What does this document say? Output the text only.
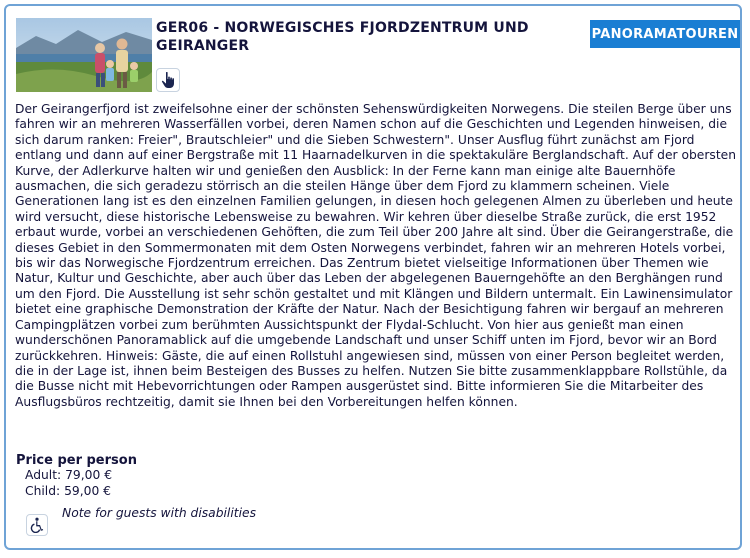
GER06 - NORWEGISCHES FJORDZENTRUM UND GEIRANGER
PANORAMATOUREN

Der Geirangerfjord ist zweifelsohne einer der schönsten Sehenswürdigkeiten Norwegens. Die steilen Berge über uns fahren wir an mehreren Wasserfällen vorbei, deren Namen schon auf die Geschichten und Legenden hinweisen, die sich darum ranken: Freier", Brautschleier" und die Sieben Schwestern". Unser Ausflug führt zunächst am Fjord entlang und dann auf einer Bergstraße mit 11 Haarnadelkurven in die spektakuläre Berglandschaft. Auf der obersten Kurve, der Adlerkurve halten wir und genießen den Ausblick: In der Ferne kann man einige alte Bauernhöfe ausmachen, die sich geradezu störrisch an die steilen Hänge über dem Fjord zu klammern scheinen. Viele Generationen lang ist es den einzelnen Familien gelungen, in diesen hoch gelegenen Almen zu überleben und heute wird versucht, diese historische Lebensweise zu bewahren. Wir kehren über dieselbe Straße zurück, die erst 1952 erbaut wurde, vorbei an verschiedenen Gehöften, die zum Teil über 200 Jahre alt sind. Über die Geirangerstraße, die dieses Gebiet in den Sommermonaten mit dem Osten Norwegens verbindet, fahren wir an mehreren Hotels vorbei, bis wir das Norwegische Fjordzentrum erreichen. Das Zentrum bietet vielseitige Informationen über Themen wie Natur, Kultur und Geschichte, aber auch über das Leben der abgelegenen Bauerngehöfte an den Berghängen rund um den Fjord. Die Ausstellung ist sehr schön gestaltet und mit Klängen und Bildern untermalt. Ein Lawinensimulator bietet eine graphische Demonstration der Kräfte der Natur. Nach der Besichtigung fahren wir bergauf an mehreren Campingplätzen vorbei zum berühmten Aussichtspunkt der Flydal-Schlucht. Von hier aus genießt man einen wunderschönen Panoramablick auf die umgebende Landschaft und unser Schiff unten im Fjord, bevor wir an Bord zurückkehren. Hinweis: Gäste, die auf einen Rollstuhl angewiesen sind, müssen von einer Person begleitet werden, die in der Lage ist, ihnen beim Besteigen des Busses zu helfen. Nutzen Sie bitte zusammenklappbare Rollstühle, da die Busse nicht mit Hebevorrichtungen oder Rampen ausgerüstet sind. Bitte informieren Sie die Mitarbeiter des Ausflugsbüros rechtzeitig, damit sie Ihnen bei den Vorbereitungen helfen können.

Price per person
Adult: 79,00 €
Child: 59,00 €
Note for guests with disabilities
